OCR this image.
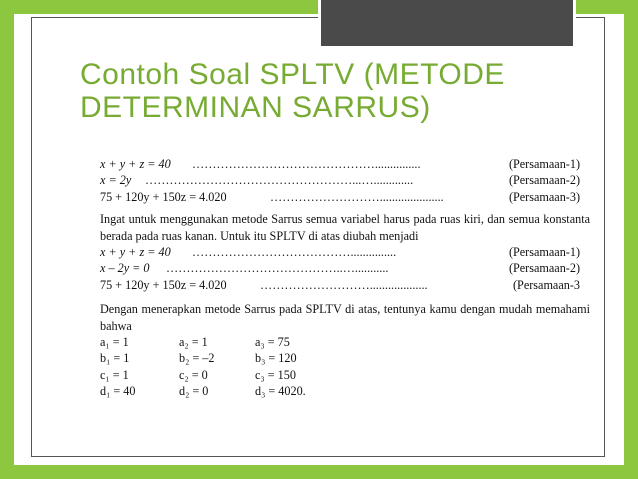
Contoh Soal SPLTV (METODE
DETERMINAN SARRUS)
x + y + z = 40 ………………………………………...............	(Persamaan-1)
x = 2y ……………………………………………...….............	(Persamaan-2)
75 + 120y + 150z = 4.020	……………………….....................	(Persamaan-3)
Ingat untuk menggunakan metode Sarrus semua variabel harus pada ruas kiri, dan semua konstanta berada pada ruas kanan. Untuk itu SPLTV di atas diubah menjadi
x + y + z = 40 …………………………………...............	(Persamaan-1)
x – 2y = 0 ……………………………………..…...........	(Persamaan-2)
75 + 120y + 150z = 4.020	………………………...................	(Persamaan-3
Dengan menerapkan metode Sarrus pada SPLTV di atas, tentunya kamu dengan mudah memahami bahwa
a₁ = 1	a₂ = 1	a₃ = 75
b₁ = 1	b₂ = –2	b₃ = 120
c₁ = 1	c₂ = 0	c₃ = 150
d₁ = 40	d₂ = 0	d₃ = 4020.
